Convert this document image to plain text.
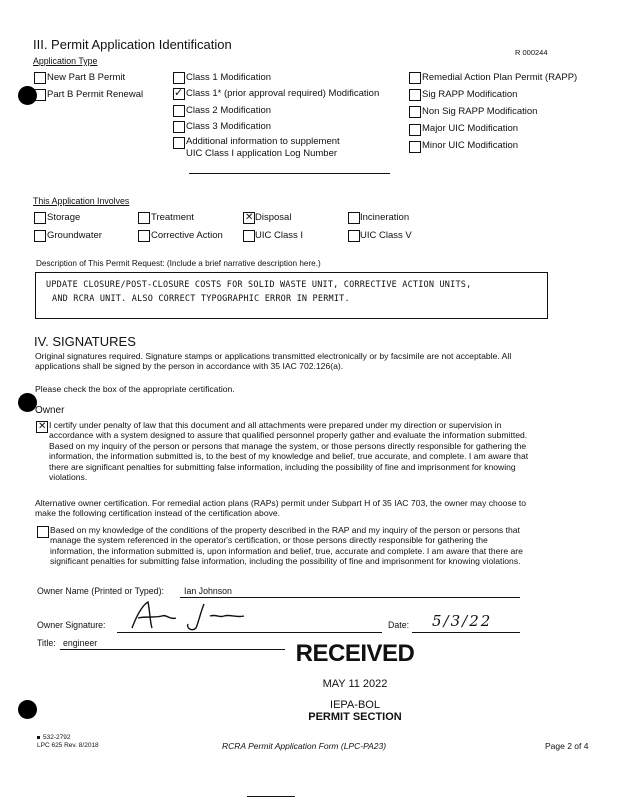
III. Permit Application Identification
R 000244
Application Type
New Part B Permit
Part B Permit Renewal
Class 1 Modification
✓
Class 1* (prior approval required) Modification
Class 2 Modification
Class 3 Modification
Additional information to supplement
UIC Class I application Log Number
Remedial Action Plan Permit (RAPP)
Sig RAPP Modification
Non Sig RAPP Modification
Major UIC Modification
Minor UIC Modification
This Application Involves
Storage	Treatment
✕	Disposal	Incineration
Groundwater	Corrective Action	UIC Class I	UIC Class V
Description of This Permit Request: (Include a brief narrative description here.)
UPDATE CLOSURE/POST-CLOSURE COSTS FOR SOLID WASTE UNIT, CORRECTIVE ACTION UNITS,
AND RCRA UNIT. ALSO CORRECT TYPOGRAPHIC ERROR IN PERMIT.
IV. SIGNATURES
Original signatures required. Signature stamps or applications transmitted electronically or by facsimile are not acceptable. All
applications shall be signed by the person in accordance with 35 IAC 702.126(a).
Please check the box of the appropriate certification.
Owner
✕
I certify under penalty of law that this document and all attachments were prepared under my direction or supervision in
accordance with a system designed to assure that qualified personnel properly gather and evaluate the information submitted.
Based on my inquiry of the person or persons that manage the system, or those persons directly responsible for gathering the
information, the information submitted is, to the best of my knowledge and belief, true accurate, and complete. I am aware that
there are significant penalties for submitting false information, including the possibility of fine and imprisonment for knowing
violations.
Alternative owner certification. For remedial action plans (RAPs) permit under Subpart H of 35 IAC 703, the owner may choose to
make the following certification instead of the certification above.
Based on my knowledge of the conditions of the property described in the RAP and my inquiry of the person or persons that
manage the system referenced in the operator's certification, or those persons directly responsible for gathering the
information, the information submitted is, upon information and belief, true, accurate and complete. I am aware that there are
significant penalties for submitting false information, including the possibility of fine and imprisonment for knowing violations.
Owner Name (Printed or Typed): Ian Johnson
Owner Signature:	Date: 5/3/22
Title: engineer	RECEIVED
MAY 11 2022
IEPA-BOL
PERMIT SECTION
532-2792
LPC 625 Rev. 8/2018	RCRA Permit Application Form (LPC-PA23)	Page 2 of 4
